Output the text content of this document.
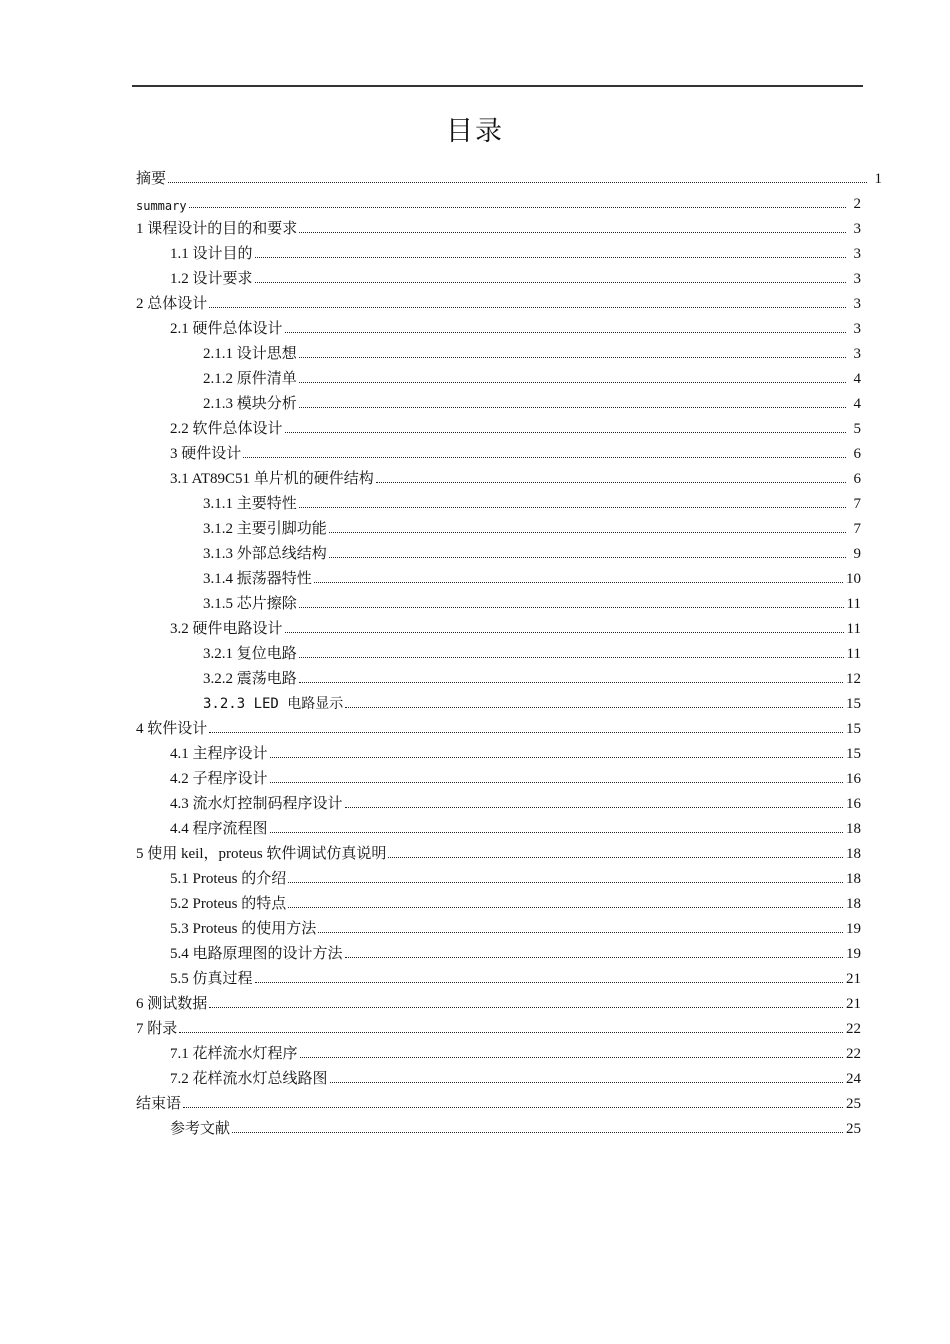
目录
摘要	1
summary	2
1 课程设计的目的和要求	3
1.1 设计目的	3
1.2 设计要求	3
2 总体设计	3
2.1 硬件总体设计	3
2.1.1 设计思想	3
2.1.2 原件清单	4
2.1.3 模块分析	4
2.2 软件总体设计	5
3 硬件设计	6
3.1 AT89C51 单片机的硬件结构	6
3.1.1 主要特性	7
3.1.2 主要引脚功能	7
3.1.3 外部总线结构	9
3.1.4 振荡器特性	10
3.1.5 芯片擦除	11
3.2 硬件电路设计	11
3.2.1 复位电路	11
3.2.2 震荡电路	12
3.2.3 LED 电路显示	15
4 软件设计	15
4.1 主程序设计	15
4.2 子程序设计	16
4.3 流水灯控制码程序设计	16
4.4 程序流程图	18
5 使用 keil，proteus 软件调试仿真说明	18
5.1 Proteus 的介绍	18
5.2 Proteus 的特点	18
5.3 Proteus 的使用方法	19
5.4 电路原理图的设计方法	19
5.5 仿真过程	21
6 测试数据	21
7 附录	22
7.1 花样流水灯程序	22
7.2 花样流水灯总线路图	24
结束语	25
参考文献	25
